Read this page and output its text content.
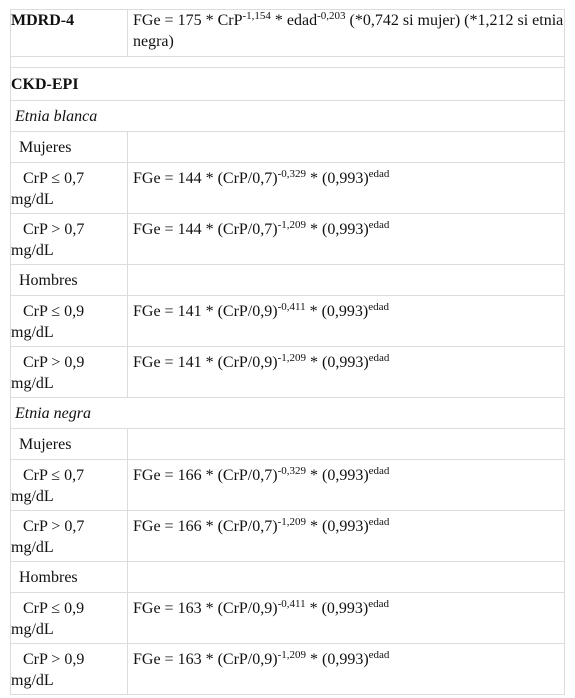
MDRD-4	FGe = 175 * CrP$^{-1,154}$ * edad$^{-0,203}$ (*0,742 si mujer) (*1,212 si etnia negra)
CKD-EPI
Etnia blanca
Mujeres
CrP ≤ 0,7 mg/dL
FGe = $144 * (CrP/0,7)^{-0,329} * (0,993)^{edad}$
CrP > 0,7 mg/dL
FGe = $144 * (CrP/0,7)^{-1,209} * (0,993)^{edad}$
Hombres
CrP ≤ 0,9 mg/dL
FGe = $141 * (CrP/0,9)^{-0,411} * (0,993)^{edad}$
CrP > 0,9 mg/dL
FGe = $141 * (CrP/0,9)^{-1,209} * (0,993)^{edad}$
Etnia negra
Mujeres
CrP ≤ 0,7 mg/dL
FGe = $166 * (CrP/0,7)^{-0,329} * (0,993)^{edad}$
CrP > 0,7 mg/dL
FGe = $166 * (CrP/0,7)^{-1,209} * (0,993)^{edad}$
Hombres
CrP ≤ 0,9 mg/dL
FGe = $163 * (CrP/0,9)^{-0,411} * (0,993)^{edad}$
CrP > 0,9 mg/dL
FGe = $163 * (CrP/0,9)^{-1,209} * (0,993)^{edad}$
